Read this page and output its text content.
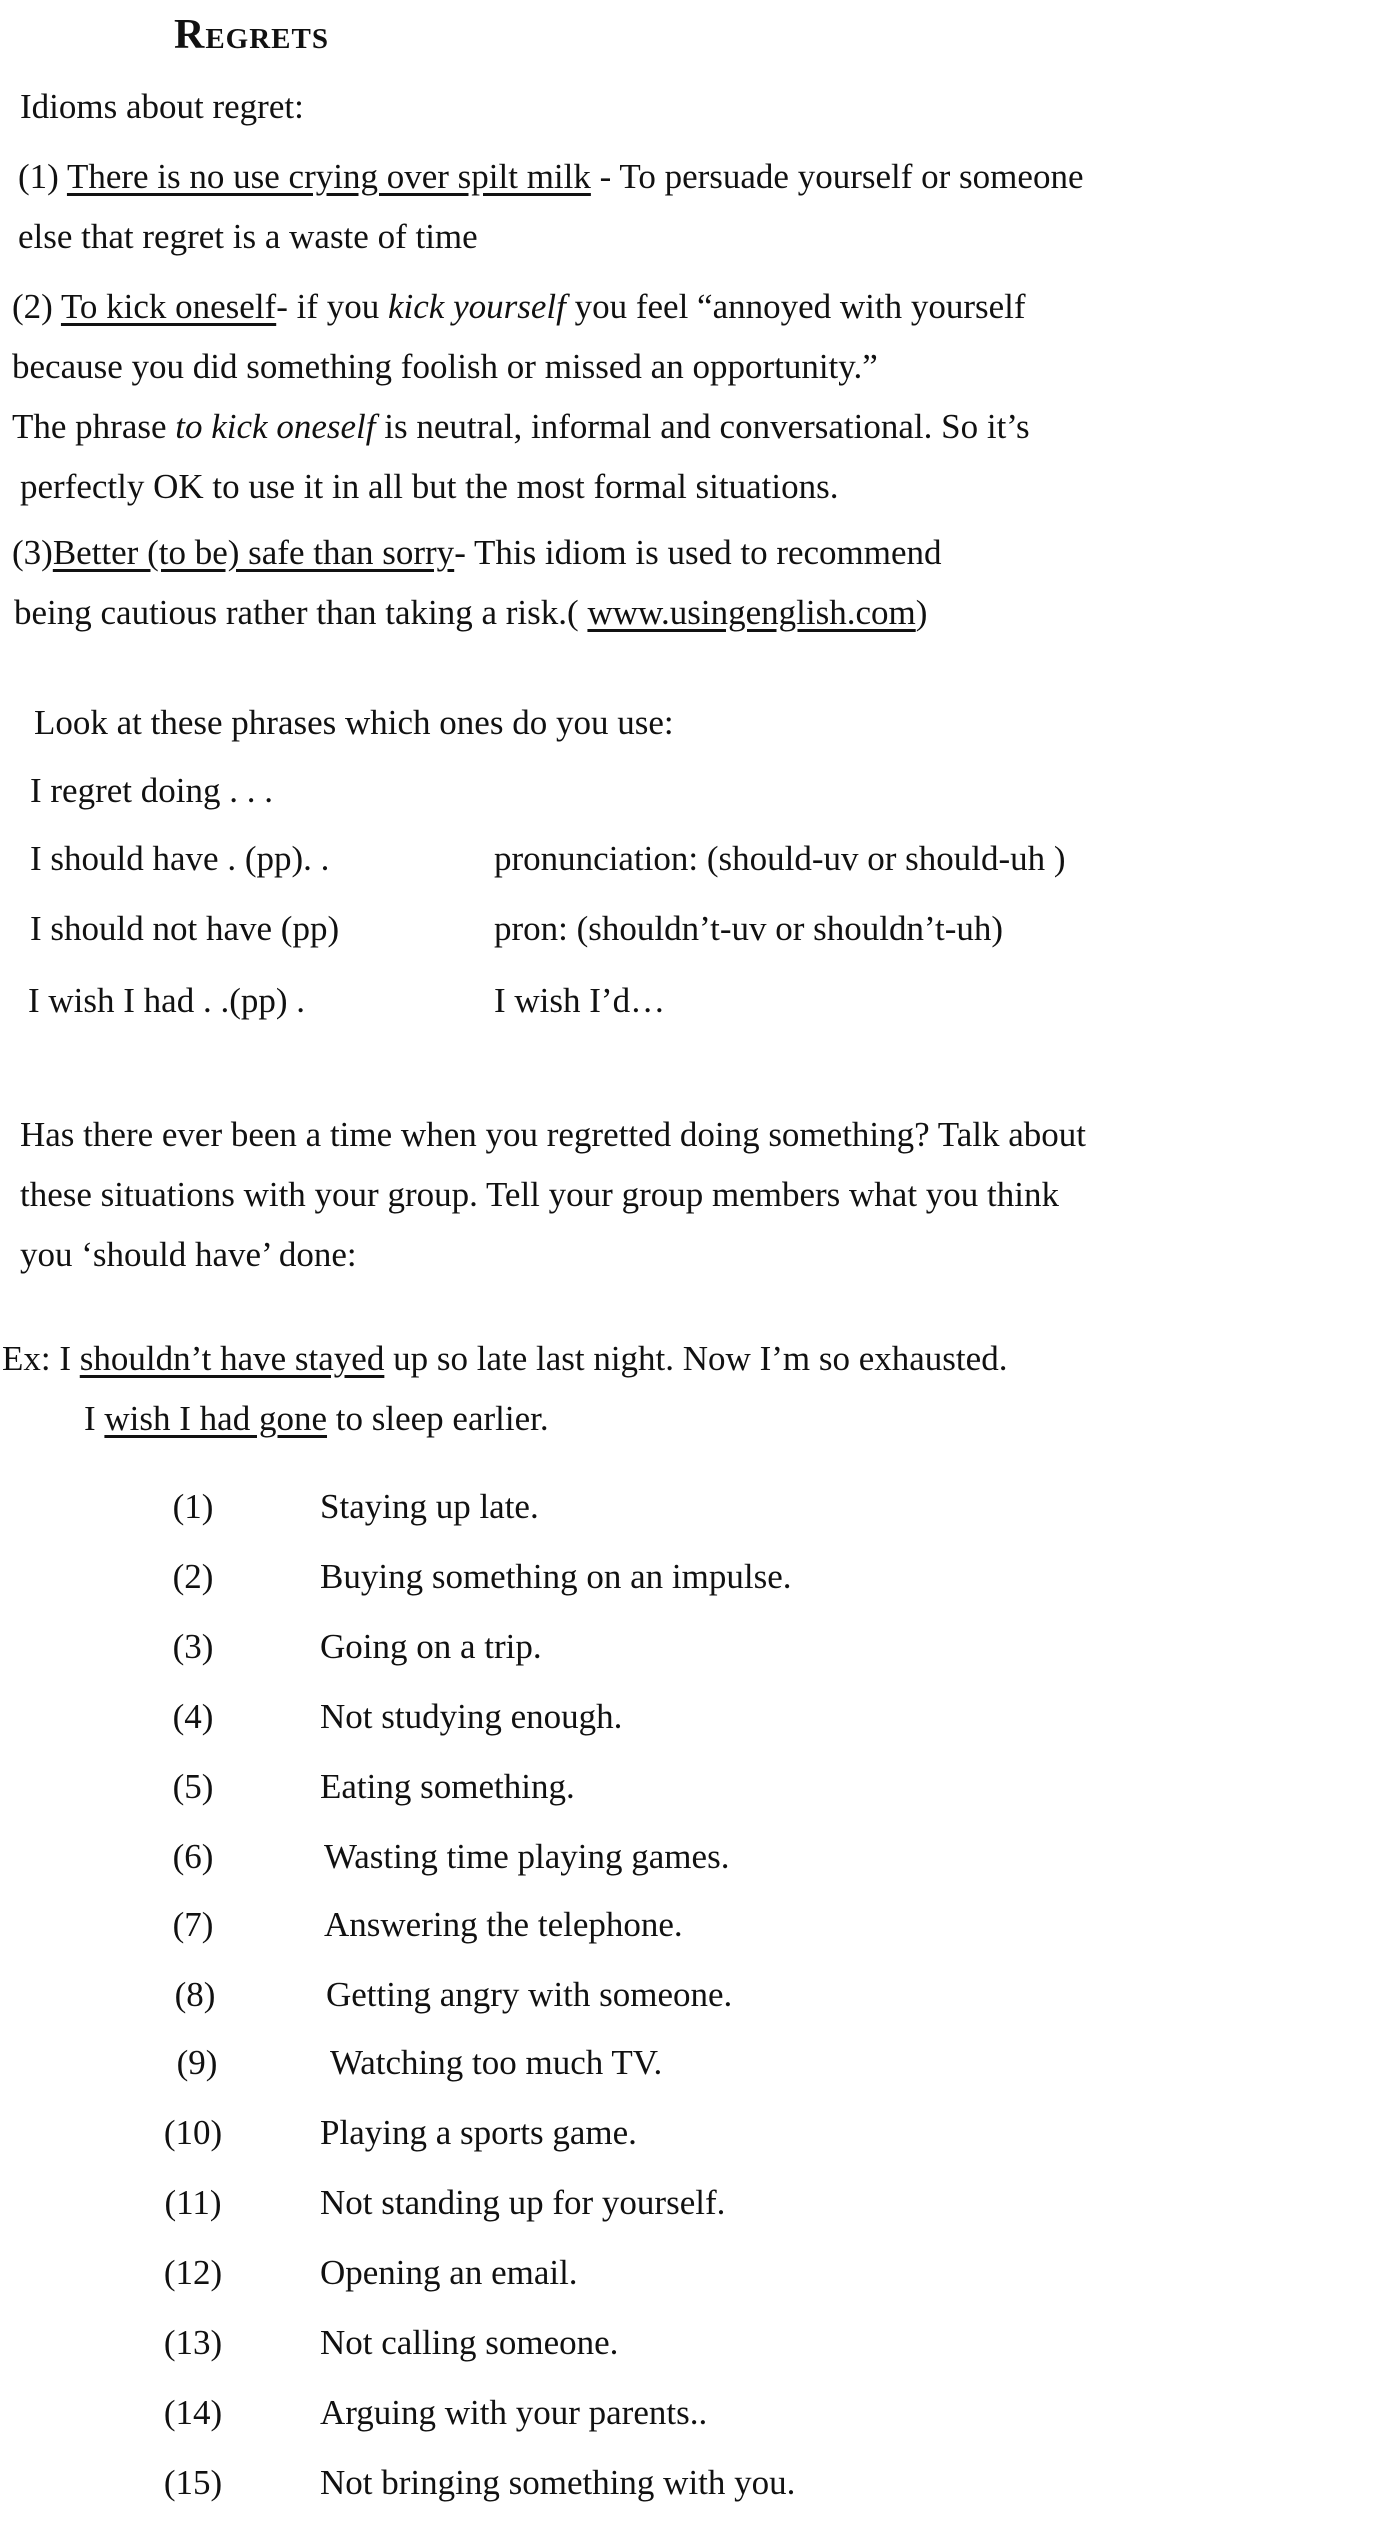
Regrets
Idioms about regret:
(1) There is no use crying over spilt milk - To persuade yourself or someone
else that regret is a waste of time
(2) To kick oneself- if you kick yourself you feel “annoyed with yourself
because you did something foolish or missed an opportunity.”
The phrase to kick oneself is neutral, informal and conversational. So it’s
perfectly OK to use it in all but the most formal situations.
(3)Better (to be) safe than sorry- This idiom is used to recommend
being cautious rather than taking a risk.( www.usingenglish.com)
Look at these phrases which ones do you use:
I regret doing . . .
I should have . (pp). .	pronunciation: (should-uv or should-uh )
I should not have (pp)	pron: (shouldn’t-uv or shouldn’t-uh)
I wish I had . .(pp) .	I wish I’d…
Has there ever been a time when you regretted doing something? Talk about
these situations with your group. Tell your group members what you think
you ‘should have’ done:
Ex: I shouldn’t have stayed up so late last night. Now I’m so exhausted.
I wish I had gone to sleep earlier.
(1)	Staying up late.
(2)	Buying something on an impulse.
(3)	Going on a trip.
(4)	Not studying enough.
(5)	Eating something.
(6)	Wasting time playing games.
(7)	Answering the telephone.
(8)	Getting angry with someone.
(9)	Watching too much TV.
(10)	Playing a sports game.
(11)	Not standing up for yourself.
(12)	Opening an email.
(13)	Not calling someone.
(14)	Arguing with your parents..
(15)	Not bringing something with you.
